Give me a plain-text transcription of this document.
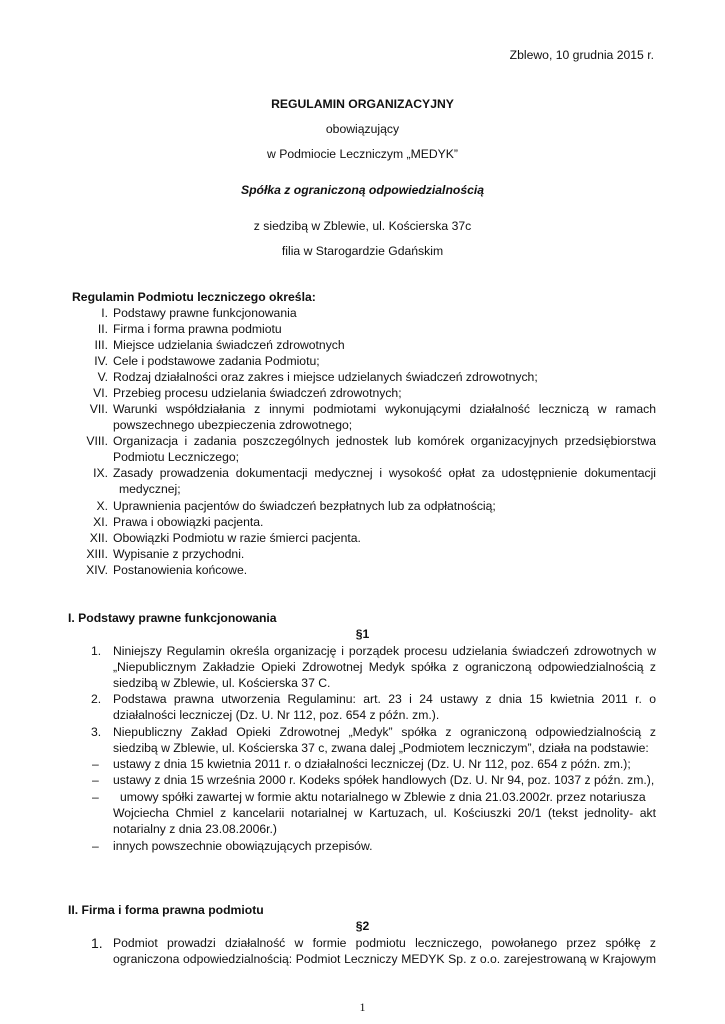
Zblewo, 10 grudnia 2015 r.
REGULAMIN ORGANIZACYJNY
obowiązujący
w Podmiocie Leczniczym „MEDYK”
Spółka z ograniczoną odpowiedzialnością
z siedzibą w Zblewie, ul. Kościerska 37c
filia w Starogardzie Gdańskim
Regulamin Podmiotu leczniczego określa:
I. Podstawy prawne funkcjonowania
II. Firma i forma prawna podmiotu
III. Miejsce udzielania świadczeń zdrowotnych
IV. Cele i podstawowe zadania Podmiotu;
V. Rodzaj działalności oraz zakres i miejsce udzielanych świadczeń zdrowotnych;
VI. Przebieg procesu udzielania świadczeń zdrowotnych;
VII. Warunki współdziałania z innymi podmiotami wykonującymi działalność leczniczą w ramach
powszechnego ubezpieczenia zdrowotnego;
VIII. Organizacja i zadania poszczególnych jednostek lub komórek organizacyjnych przedsiębiorstwa
Podmiotu Leczniczego;
IX. Zasady prowadzenia dokumentacji medycznej i wysokość opłat za udostępnienie dokumentacji
medycznej;
X. Uprawnienia pacjentów do świadczeń bezpłatnych lub za odpłatnością;
XI. Prawa i obowiązki pacjenta.
XII. Obowiązki Podmiotu w razie śmierci pacjenta.
XIII. Wypisanie z przychodni.
XIV. Postanowienia końcowe.
I. Podstawy prawne funkcjonowania
§1
1. Niniejszy Regulamin określa organizację i porządek procesu udzielania świadczeń zdrowotnych w
„Niepublicznym Zakładzie Opieki Zdrowotnej Medyk spółka z ograniczoną odpowiedzialnością z
siedzibą w Zblewie, ul. Kościerska 37 C.
2. Podstawa prawna utworzenia Regulaminu: art. 23 i 24 ustawy z dnia 15 kwietnia 2011 r. o
działalności leczniczej (Dz. U. Nr 112, poz. 654 z późn. zm.).
3. Niepubliczny Zakład Opieki Zdrowotnej „Medyk” spółka z ograniczoną odpowiedzialnością z
siedzibą w Zblewie, ul. Kościerska 37 c, zwana dalej „Podmiotem leczniczym”, działa na podstawie:
– ustawy z dnia 15 kwietnia 2011 r. o działalności leczniczej (Dz. U. Nr 112, poz. 654 z późn. zm.);
– ustawy z dnia 15 września 2000 r. Kodeks spółek handlowych (Dz. U. Nr 94, poz. 1037 z późn. zm.),
– umowy spółki zawartej w formie aktu notarialnego w Zblewie z dnia 21.03.2002r. przez notariusza
Wojciecha Chmiel z kancelarii notarialnej w Kartuzach, ul. Kościuszki 20/1 (tekst jednolity- akt
notarialny z dnia 23.08.2006r.)
– innych powszechnie obowiązujących przepisów.
II. Firma i forma prawna podmiotu
§2
1. Podmiot prowadzi działalność w formie podmiotu leczniczego, powołanego przez spółkę z
ograniczona odpowiedzialnością: Podmiot Leczniczy MEDYK Sp. z o.o. zarejestrowaną w Krajowym
1
